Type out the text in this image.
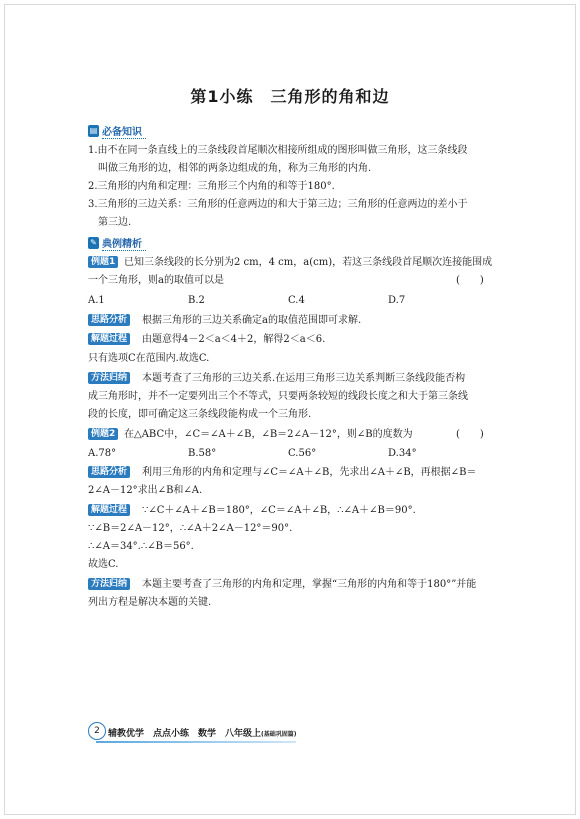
第1小练　三角形的角和边
▤ 必备知识
1.由不在同一条直线上的三条线段首尾顺次相接所组成的图形叫做三角形，这三条线段
　叫做三角形的边，相邻的两条边组成的角，称为三角形的内角.
2.三角形的内角和定理：三角形三个内角的和等于180°.
3.三角形的三边关系：三角形的任意两边的和大于第三边；三角形的任意两边的差小于
　第三边.
✎ 典例精析
例题1 已知三条线段的长分别为2 cm，4 cm，a(cm)，若这三条线段首尾顺次连接能围成
一个三角形，则a的取值可以是	(　　)
A.1	B.2	C.4	D.7
思路分析	根据三角形的三边关系确定a的取值范围即可求解.
解题过程	由题意得4－2＜a＜4＋2，解得2＜a＜6.
只有选项C在范围内.故选C.
方法归纳	本题考查了三角形的三边关系.在运用三角形三边关系判断三条线段能否构
成三角形时，并不一定要列出三个不等式，只要两条较短的线段长度之和大于第三条线
段的长度，即可确定这三条线段能构成一个三角形.
例题2 在△ABC中，∠C＝∠A＋∠B，∠B＝2∠A－12°，则∠B的度数为	(　　)
A.78°	B.58°	C.56°	D.34°
思路分析	利用三角形的内角和定理与∠C＝∠A＋∠B，先求出∠A＋∠B，再根据∠B＝
2∠A－12°求出∠B和∠A.
解题过程	∵∠C＋∠A＋∠B＝180°，∠C＝∠A＋∠B，∴∠A＋∠B＝90°.
∵∠B＝2∠A－12°，∴∠A＋2∠A－12°＝90°.
∴∠A＝34°.∴∠B＝56°.
故选C.
方法归纳	本题主要考查了三角形的内角和定理，掌握“三角形的内角和等于180°”并能
列出方程是解决本题的关键.
2 辅教优学　点点小练　数学　八年级上(基础巩固篇)
